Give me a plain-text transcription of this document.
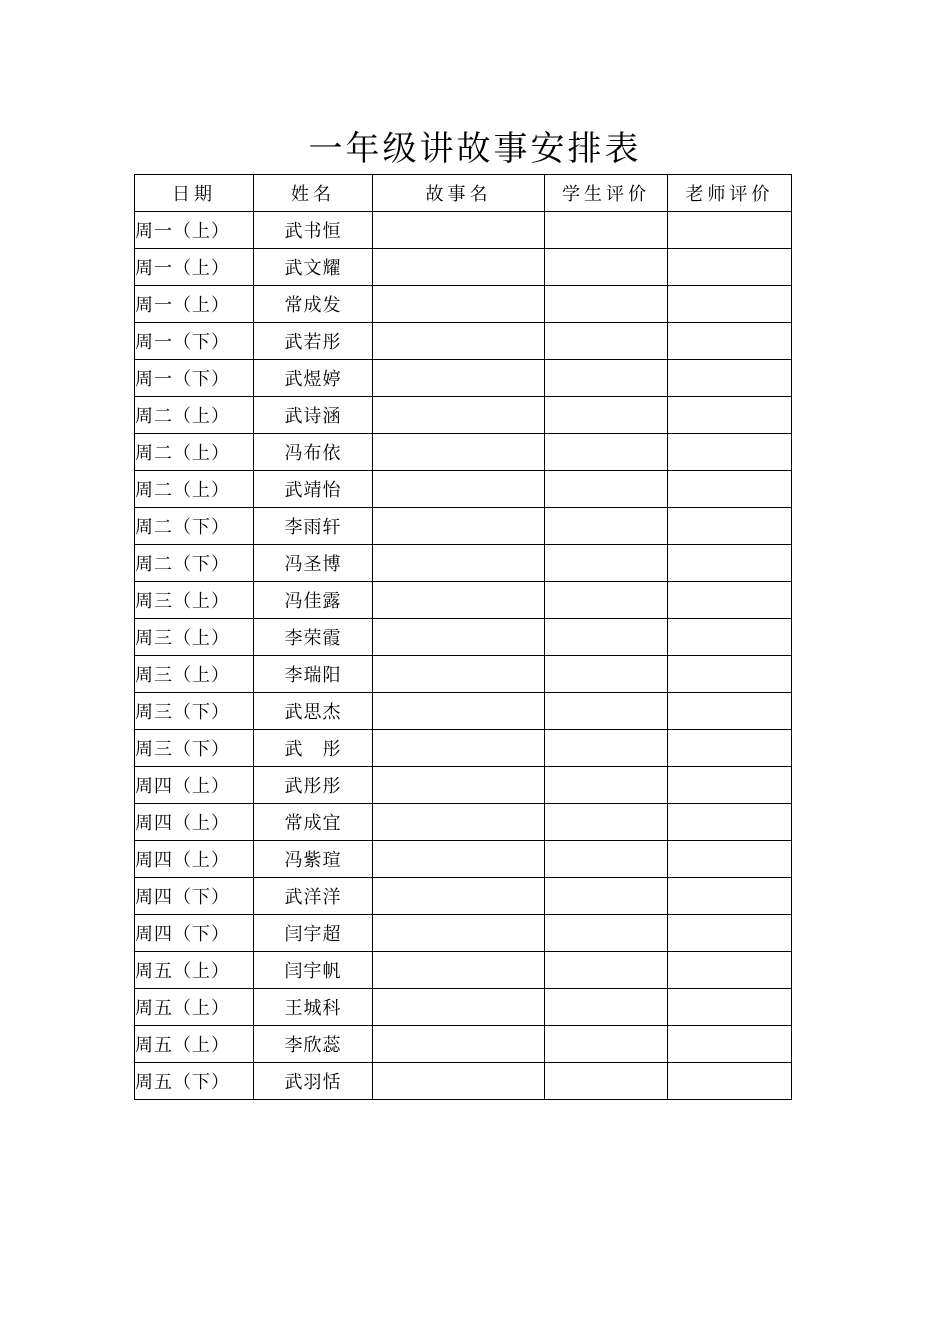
一年级讲故事安排表
日期	姓名	故事名	学生评价	老师评价
周一（上）	武书恒			
周一（上）	武文耀			
周一（上）	常成发			
周一（下）	武若彤			
周一（下）	武煜婷			
周二（上）	武诗涵			
周二（上）	冯布依			
周二（上）	武靖怡			
周二（下）	李雨轩			
周二（下）	冯圣博			
周三（上）	冯佳露			
周三（上）	李荣霞			
周三（上）	李瑞阳			
周三（下）	武思杰			
周三（下）	武　彤			
周四（上）	武彤彤			
周四（上）	常成宜			
周四（上）	冯紫瑄			
周四（下）	武洋洋			
周四（下）	闫宇超			
周五（上）	闫宇帆			
周五（上）	王城科			
周五（上）	李欣蕊			
周五（下）	武羽恬			
